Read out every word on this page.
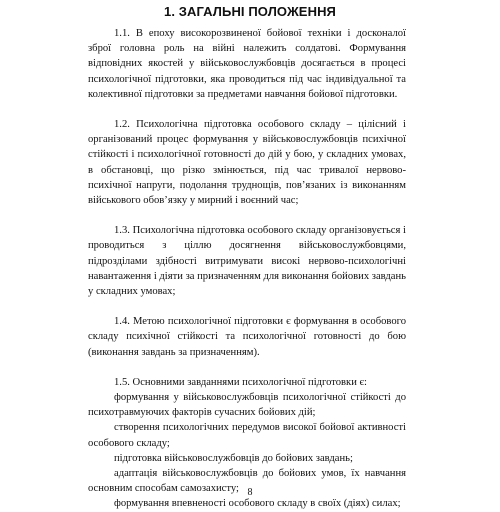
1. ЗАГАЛЬНІ ПОЛОЖЕННЯ

1.1. В епоху високорозвиненої бойової техніки і досконалої зброї головна роль на війні належить солдатові. Формування відповідних якостей у військовослужбовців досягається в процесі психологічної підготовки, яка проводиться під час індивідуальної та колективної підготовки за предметами навчання бойової підготовки.

1.2. Психологічна підготовка особового складу – цілісний і організований процес формування у військовослужбовців психічної стійкості і психологічної готовності до дій у бою, у складних умовах, в обстановці, що різко змінюється, під час тривалої нервово-психічної напруги, подолання труднощів, пов’язаних із виконанням військового обов’язку у мирний і воєнний час;

1.3. Психологічна підготовка особового складу організовується і проводиться з ціллю досягнення військовослужбовцями, підрозділами здібності витримувати високі нервово-психологічні навантаження і діяти за призначенням для виконання бойових завдань у складних умовах;

1.4. Метою психологічної підготовки є формування в особового складу психічної стійкості та психологічної готовності до бою (виконання завдань за призначенням).

1.5. Основними завданнями психологічної підготовки є:

формування у військовослужбовців психологічної стійкості до психотравмуючих факторів сучасних бойових дій;

створення психологічних передумов високої бойової активності особового складу;

підготовка військовослужбовців до бойових завдань;

адаптація військовослужбовців до бойових умов, їх навчання основним способам самозахисту;

формування впевненості особового складу в своїх (діях) силах;

8
